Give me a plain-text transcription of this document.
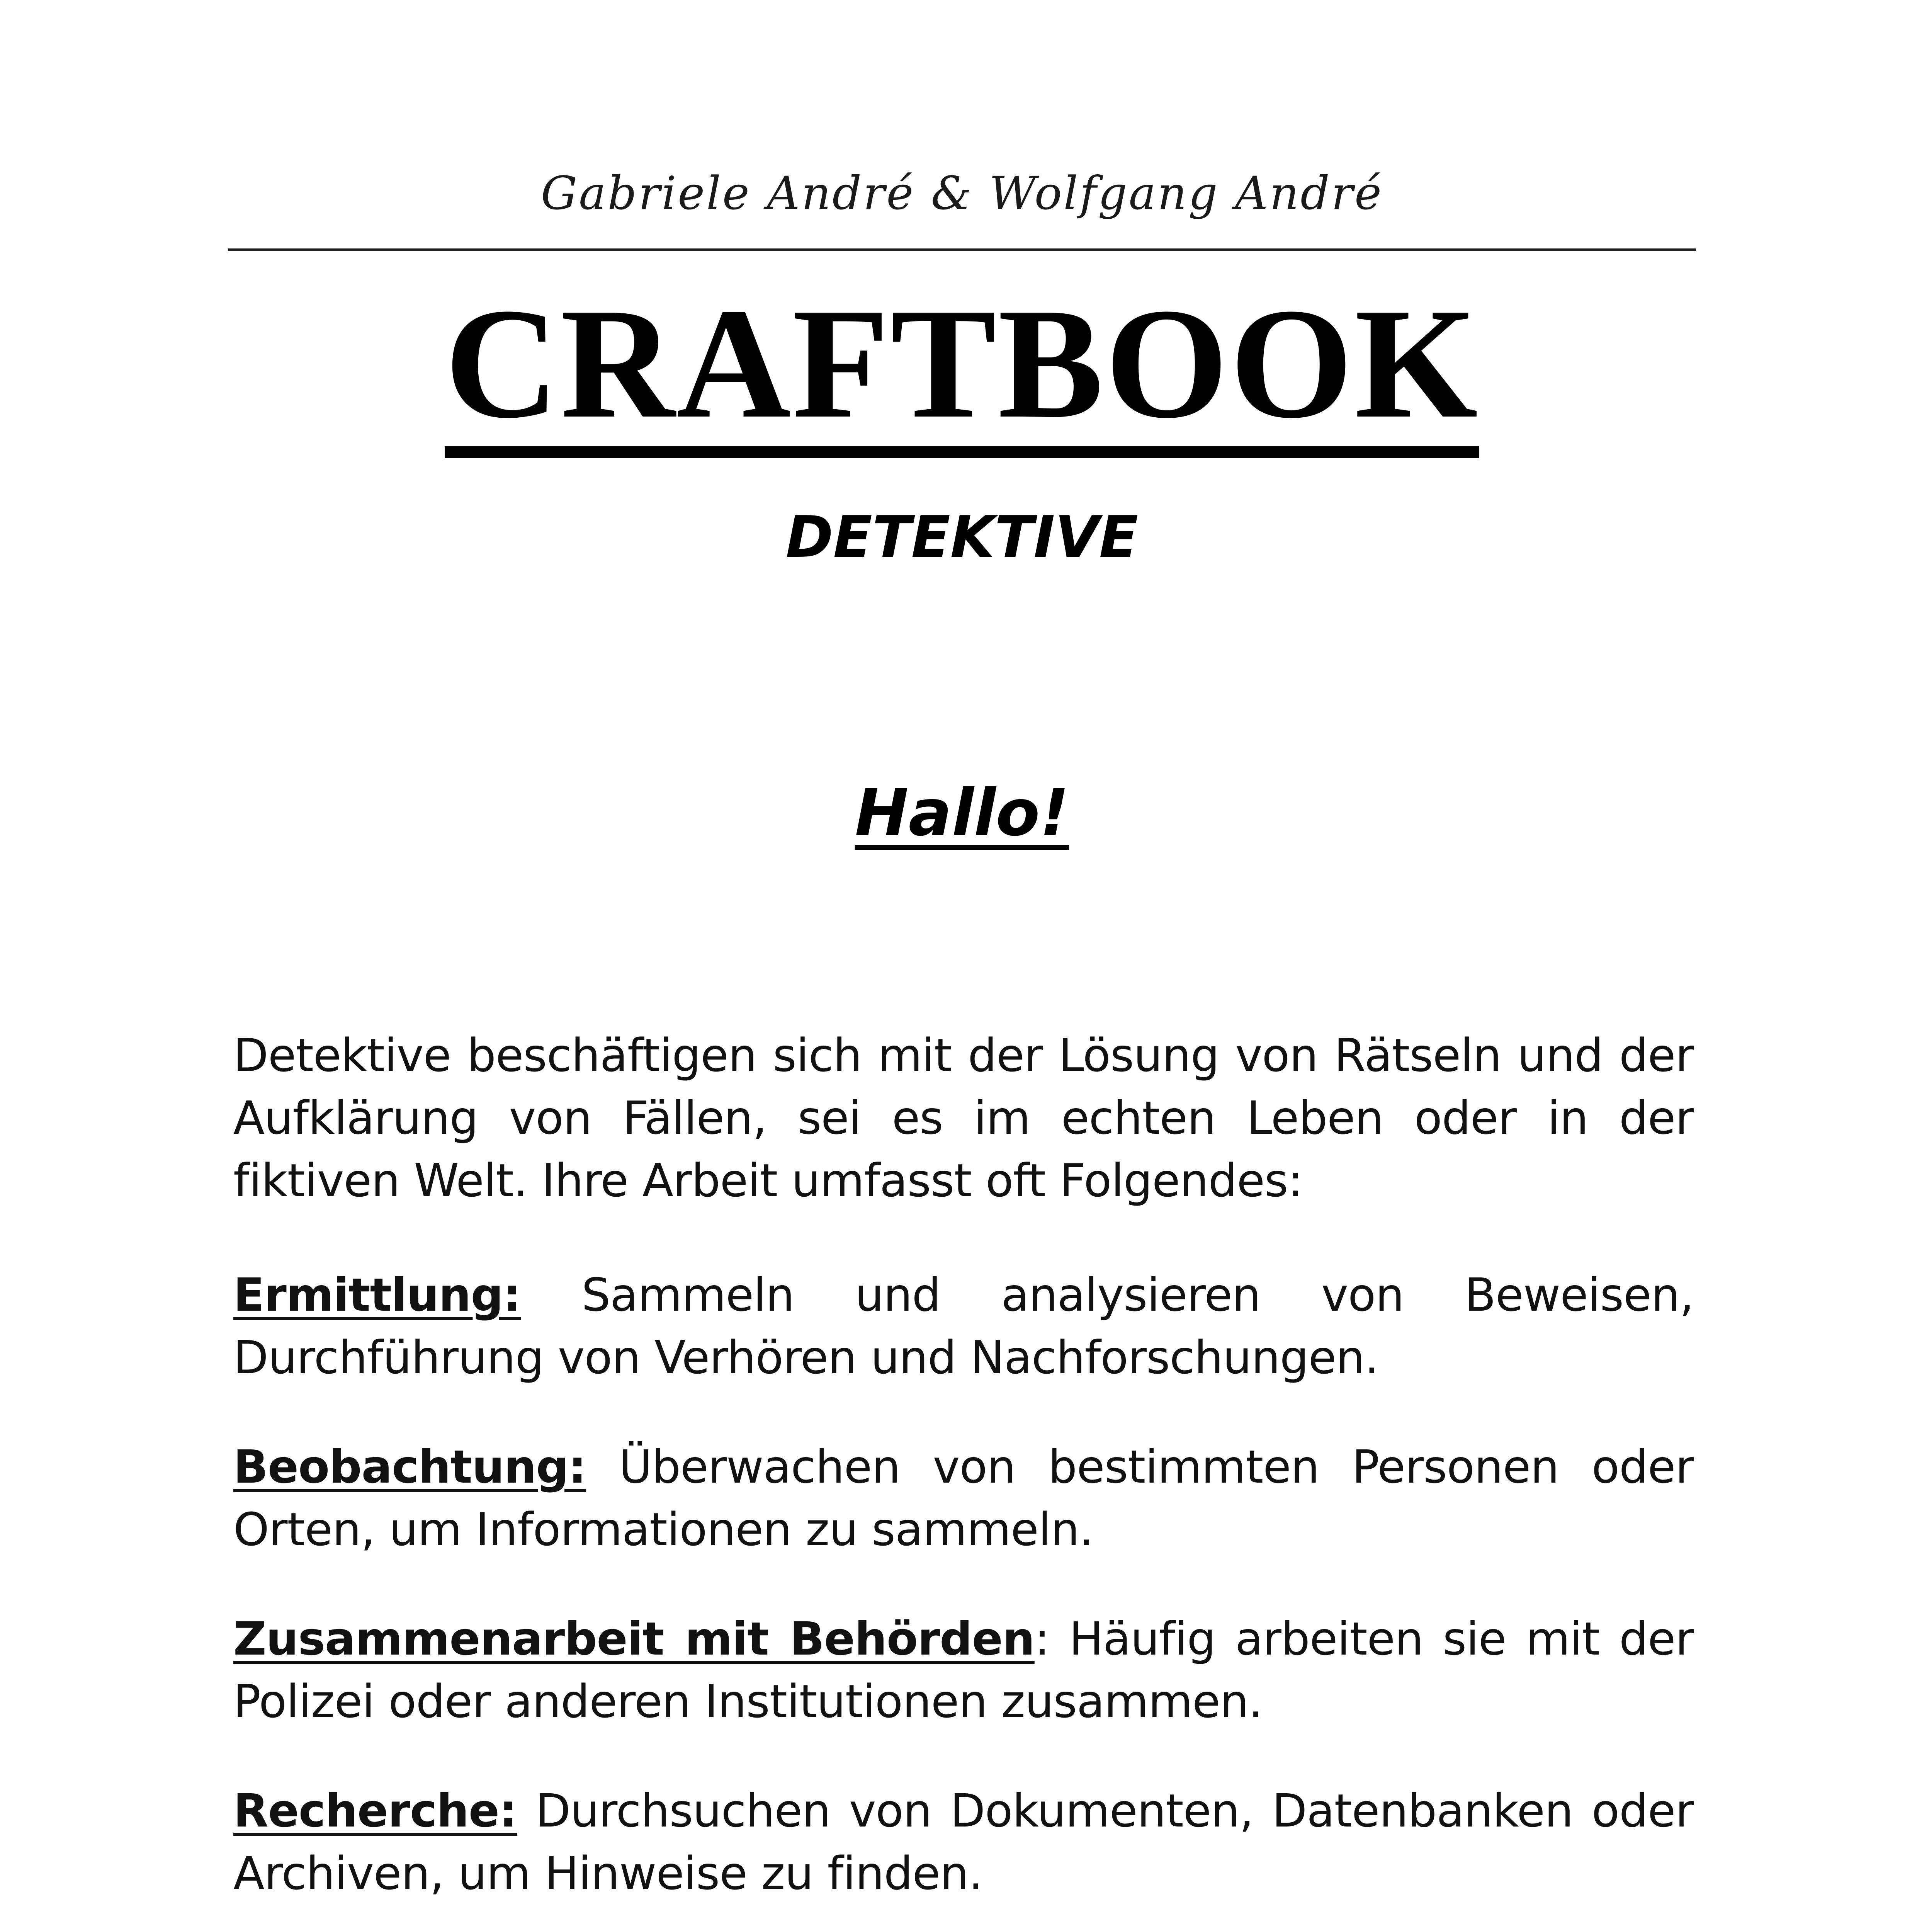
Gabriele André & Wolfgang André
CRAFTBOOK
DETEKTIVE
Hallo!

Detektive beschäftigen sich mit der Lösung von Rätseln und der Aufklärung von Fällen, sei es im echten Leben oder in der fiktiven Welt. Ihre Arbeit umfasst oft Folgendes:

Ermittlung: Sammeln und analysieren von Beweisen, Durchführung von Verhören und Nachforschungen.

Beobachtung: Überwachen von bestimmten Personen oder Orten, um Informationen zu sammeln.

Zusammenarbeit mit Behörden: Häufig arbeiten sie mit der Polizei oder anderen Institutionen zusammen.

Recherche: Durchsuchen von Dokumenten, Datenbanken oder Archiven, um Hinweise zu finden.
